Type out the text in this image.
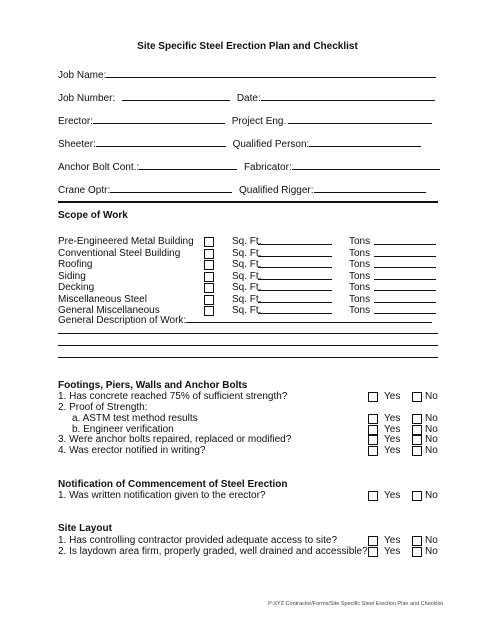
Site Specific Steel Erection Plan and Checklist
Job Name:
Job Number:	Date:
Erector:	Project Eng.
Sheeter:	Qualified Person:
Anchor Bolt Cont.:	Fabricator:
Crane Optr:	Qualified Rigger:
Scope of Work
Pre-Engineered Metal Building	Sq. Ft.	Tons
Conventional Steel Building	Sq. Ft.	Tons
Roofing	Sq. Ft.	Tons
Siding	Sq. Ft.	Tons
Decking	Sq. Ft.	Tons
Miscellaneous Steel	Sq. Ft.	Tons
General Miscellaneous	Sq. Ft.	Tons
General Description of Work:
Footings, Piers, Walls and Anchor Bolts
1. Has concrete reached 75% of sufficient strength?	Yes No
2. Proof of Strength:
a. ASTM test method results	Yes No
b. Engineer verification	Yes No
3. Were anchor bolts repaired, replaced or modified?	Yes No
4. Was erector notified in writing?	Yes No
Notification of Commencement of Steel Erection
1. Was written notification given to the erector?	Yes No
Site Layout
1. Has controlling contractor provided adequate access to site?	Yes No
2. Is laydown area firm, properly graded, well drained and accessible? Yes No
P:XYZ Contractor/Forms/Site Specific Steel Erection Plan and Checklist
